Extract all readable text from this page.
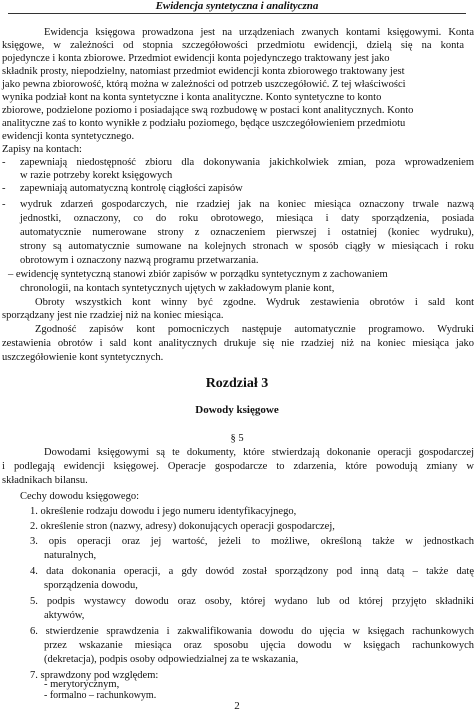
Ewidencja syntetyczna i analityczna
Ewidencja księgowa prowadzona jest na urządzeniach zwanych kontami księgowymi. Konta
księgowe, w zależności od stopnia szczegółowości przedmiotu ewidencji, dzielą się na konta
pojedyncze i konta zbiorowe. Przedmiot ewidencji konta pojedynczego traktowany jest jako
składnik prosty, niepodzielny, natomiast przedmiot ewidencji konta zbiorowego traktowany jest
jako pewna zbiorowość, którą można w zależności od potrzeb uszczegółowić. Z tej właściwości
wynika podział kont na konta syntetyczne i konta analityczne. Konto syntetyczne to konto
zbiorowe, podzielone poziomo i posiadające swą rozbudowę w postaci kont analitycznych. Konto
analityczne zaś to konto wynikłe z podziału poziomego, będące uszczegółowieniem przedmiotu
ewidencji konta syntetycznego.
Zapisy na kontach:
- zapewniają niedostępność zbioru dla dokonywania jakichkolwiek zmian, poza wprowadzeniem
w razie potrzeby korekt księgowych
- zapewniają automatyczną kontrolę ciągłości zapisów
- wydruk zdarzeń gospodarczych, nie rzadziej jak na koniec miesiąca oznaczony trwale nazwą
jednostki, oznaczony, co do roku obrotowego, miesiąca i daty sporządzenia, posiada
automatycznie numerowane strony z oznaczeniem pierwszej i ostatniej (koniec wydruku),
strony są automatycznie sumowane na kolejnych stronach w sposób ciągły w miesiącach i roku
obrotowym i oznaczony nazwą programu przetwarzania.
– ewidencję syntetyczną stanowi zbiór zapisów w porządku syntetycznym z zachowaniem
chronologii, na kontach syntetycznych ujętych w zakładowym planie kont,
Obroty wszystkich kont winny być zgodne. Wydruk zestawienia obrotów i sald kont
sporządzany jest nie rzadziej niż na koniec miesiąca.
Zgodność zapisów kont pomocniczych następuje automatycznie programowo. Wydruki
zestawienia obrotów i sald kont analitycznych drukuje się nie rzadziej niż na koniec miesiąca jako
uszczegółowienie kont syntetycznych.
Rozdział 3
Dowody księgowe
§ 5
Dowodami księgowymi są te dokumenty, które stwierdzają dokonanie operacji gospodarczej
i podlegają ewidencji księgowej. Operacje gospodarcze to zdarzenia, które powodują zmiany w
składnikach bilansu.
Cechy dowodu księgowego:
1. określenie rodzaju dowodu i jego numeru identyfikacyjnego,
2. określenie stron (nazwy, adresy) dokonujących operacji gospodarczej,
3. opis operacji oraz jej wartość, jeżeli to możliwe, określoną także w jednostkach
naturalnych,
4. data dokonania operacji, a gdy dowód został sporządzony pod inną datą – także datę
sporządzenia dowodu,
5. podpis wystawcy dowodu oraz osoby, której wydano lub od której przyjęto składniki
aktywów,
6. stwierdzenie sprawdzenia i zakwalifikowania dowodu do ujęcia w księgach rachunkowych
przez wskazanie miesiąca oraz sposobu ujęcia dowodu w księgach rachunkowych
(dekretacja), podpis osoby odpowiedzialnej za te wskazania,
7. sprawdzony pod względem:
- merytorycznym,
- formalno – rachunkowym.
2
